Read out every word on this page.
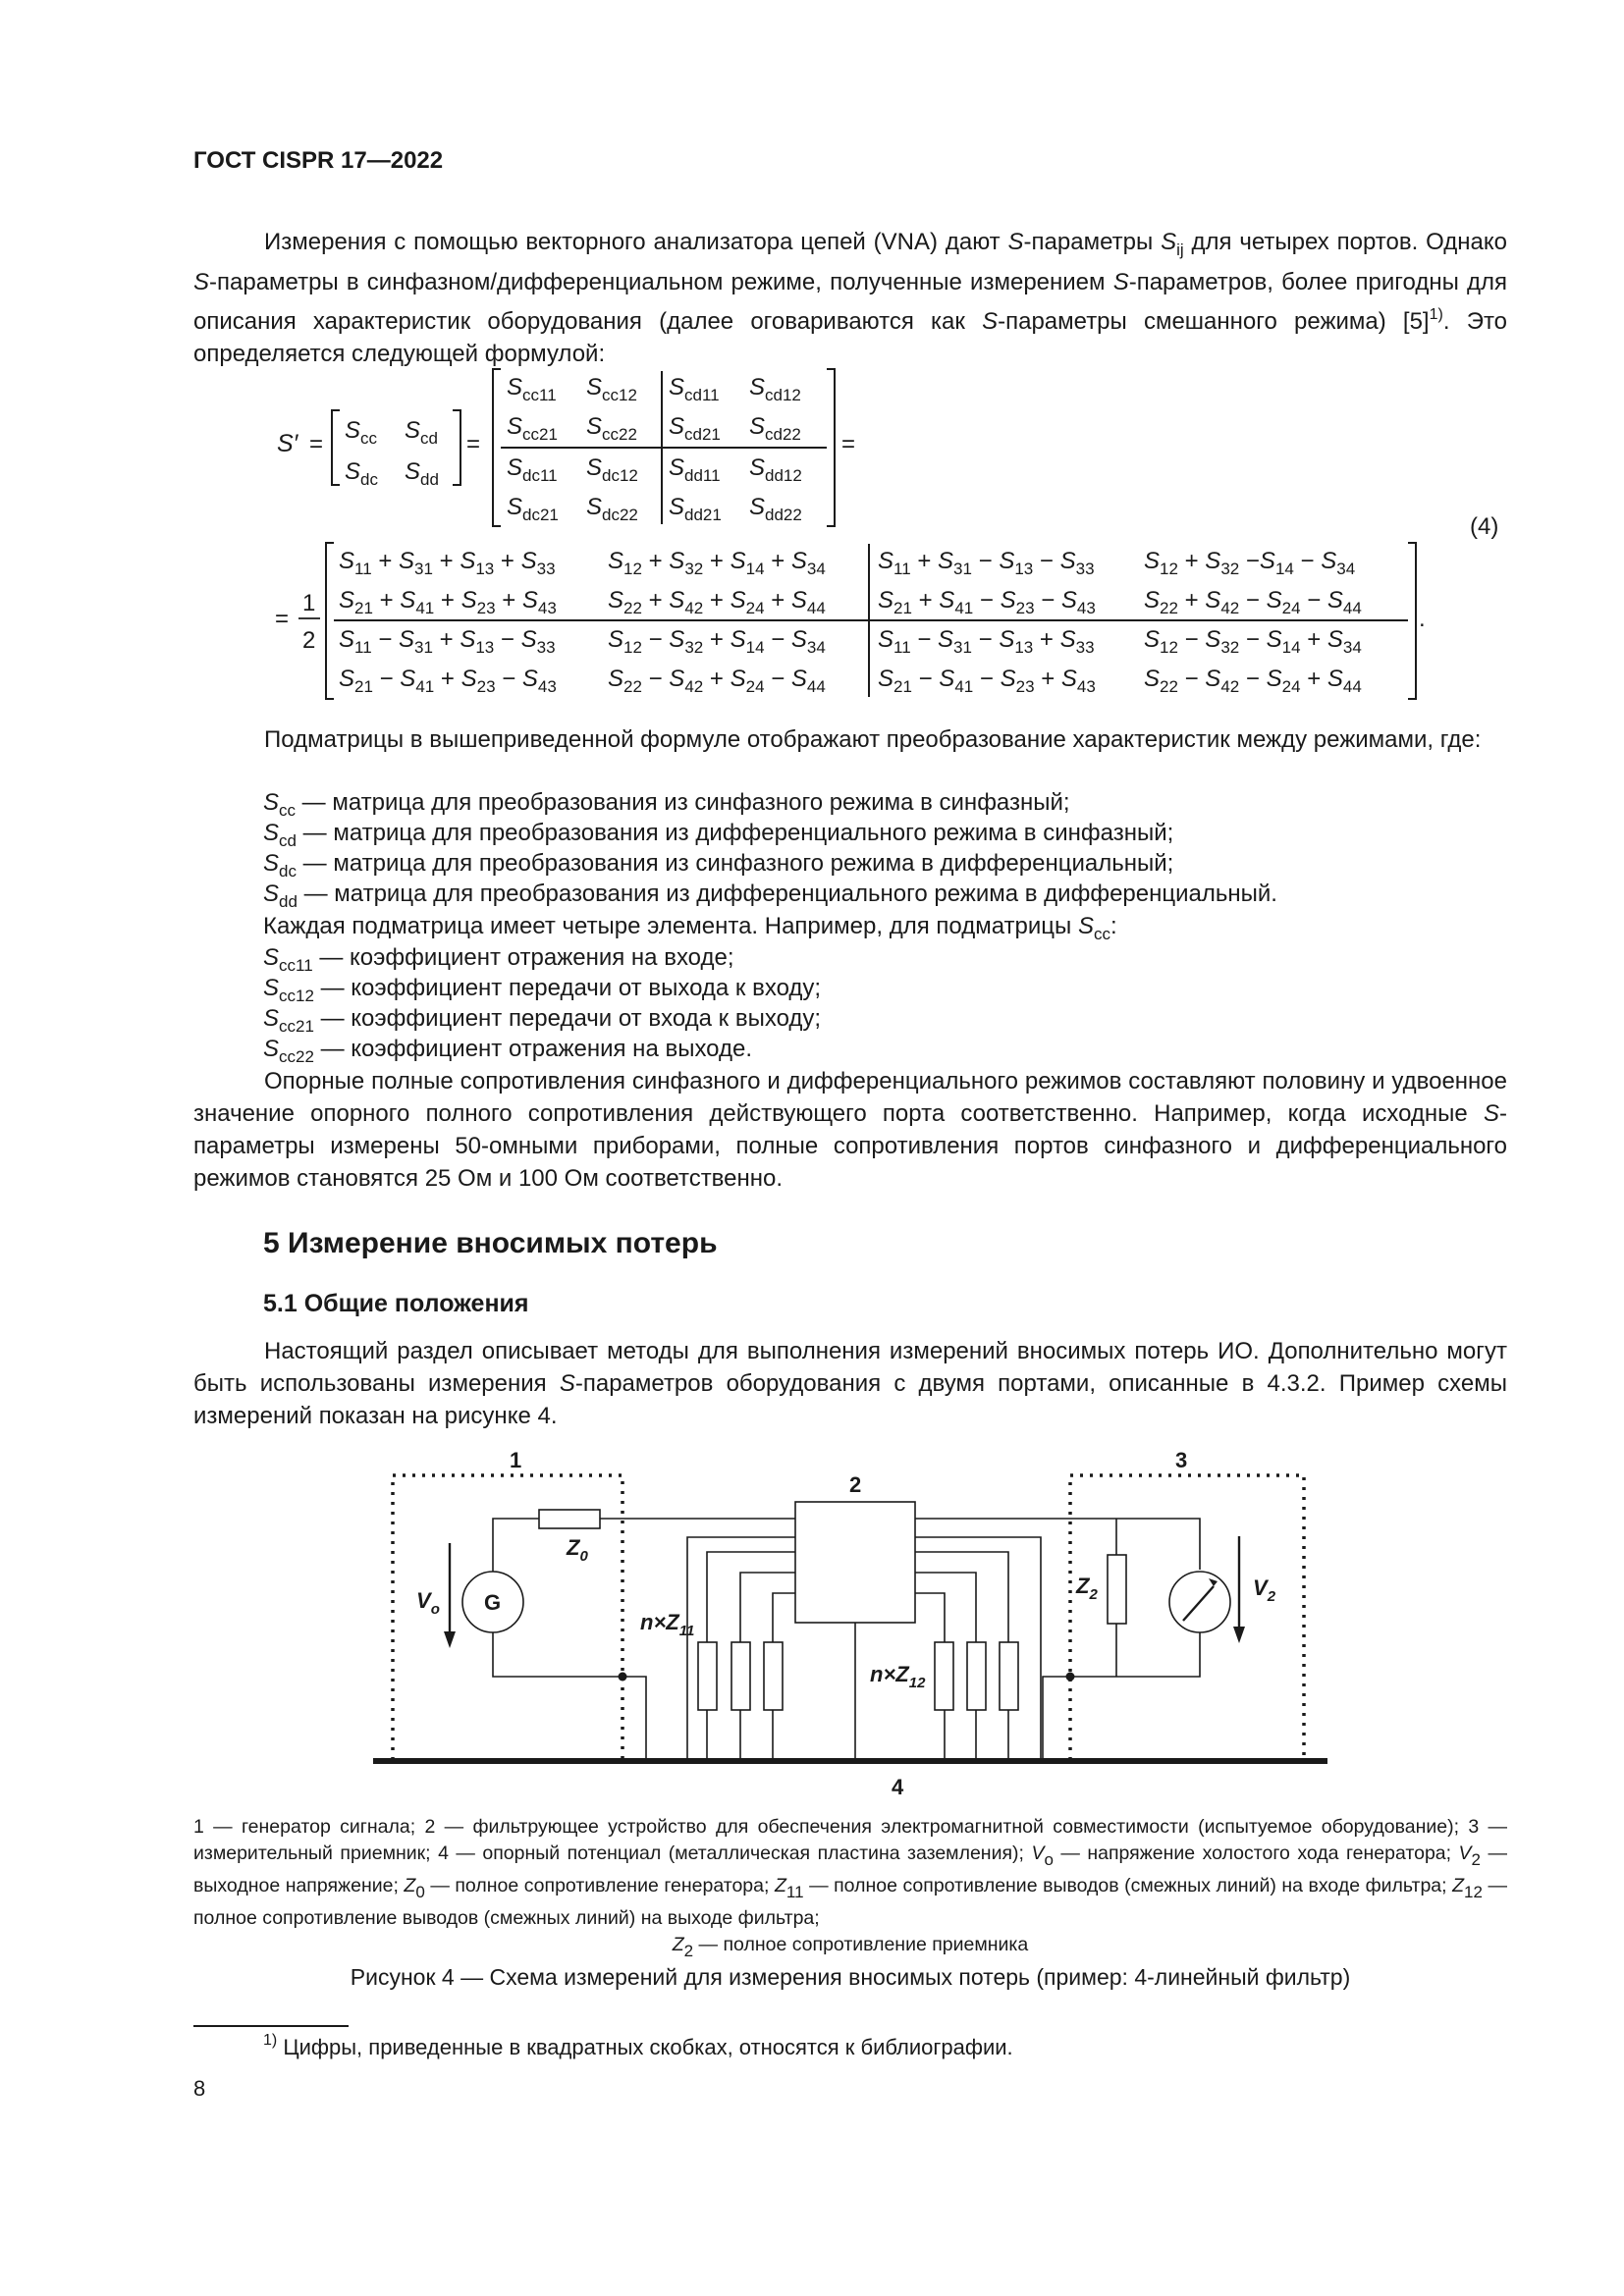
ГОСТ CISPR 17—2022

Измерения с помощью векторного анализатора цепей (VNA) дают S-параметры $S_{ij}$ для четырех портов. Однако S-параметры в синфазном/дифференциальном режиме, полученные измерением S-параметров, более пригодны для описания характеристик оборудования (далее оговариваются как S-параметры смешанного режима) $[5]^{1)}$. Это определяется следующей формулой:

S′ =
$S_{cc}$ $S_{cd}$
$S_{dc}$ $S_{dd}$
=
$S_{cc11}$ $S_{cc12}$ $S_{cd11}$ $S_{cd12}$
$S_{cc21}$ $S_{cc22}$ $S_{cd21}$ $S_{cd22}$
$S_{dc11}$ $S_{dc12}$ $S_{dd11}$ $S_{dd12}$
$S_{dc21}$ $S_{dc22}$ $S_{dd21}$ $S_{dd22}$
=
=
1
2
$S_{11} + S_{31} + S_{13} + S_{33}$ $S_{12} + S_{32} + S_{14} + S_{34}$ $S_{11} + S_{31} - S_{13} - S_{33}$ $S_{12} + S_{32} -S_{14} - S_{34}$
$S_{21} + S_{41} + S_{23} + S_{43}$ $S_{22} + S_{42} + S_{24} + S_{44}$ $S_{21} + S_{41} - S_{23} - S_{43}$ $S_{22} + S_{42} - S_{24} - S_{44}$
$S_{11} - S_{31} + S_{13} - S_{33}$ $S_{12} - S_{32} + S_{14} - S_{34}$ $S_{11} - S_{31} - S_{13} + S_{33}$ $S_{12} - S_{32} - S_{14} + S_{34}$
$S_{21} - S_{41} + S_{23} - S_{43}$ $S_{22} - S_{42} + S_{24} - S_{44}$ $S_{21} - S_{41} - S_{23} + S_{43}$ $S_{22} - S_{42} - S_{24} + S_{44}$
.
(4)

Подматрицы в вышеприведенной формуле отображают преобразование характеристик между режимами, где:

$S_{cc}$ — матрица для преобразования из синфазного режима в синфазный;

$S_{cd}$ — матрица для преобразования из дифференциального режима в синфазный;

$S_{dc}$ — матрица для преобразования из синфазного режима в дифференциальный;

$S_{dd}$ — матрица для преобразования из дифференциального режима в дифференциальный.

Каждая подматрица имеет четыре элемента. Например, для подматрицы $S_{cc}$:

$S_{cc11}$ — коэффициент отражения на входе;

$S_{cc12}$ — коэффициент передачи от выхода к входу;

$S_{cc21}$ — коэффициент передачи от входа к выходу;

$S_{cc22}$ — коэффициент отражения на выходе.

Опорные полные сопротивления синфазного и дифференциального режимов составляют половину и удвоенное значение опорного полного сопротивления действующего порта соответственно. Например, когда исходные S-параметры измерены 50-омными приборами, полные сопротивления портов синфазного и дифференциального режимов становятся 25 Ом и 100 Ом соответственно.

5 Измерение вносимых потерь
5.1 Общие положения

Настоящий раздел описывает методы для выполнения измерений вносимых потерь ИО. Дополнительно могут быть использованы измерения S-параметров оборудования с двумя портами, описанные в 4.3.2. Пример схемы измерений показан на рисунке 4.

1
2
3
4
G
$V_o$
$Z_0$
$n\times Z_{11}$
$n\times Z_{12}$
$Z_2$	$V_2$
1 — генератор сигнала; 2 — фильтрующее устройство для обеспечения электромагнитной совместимости (испытуемое оборудование); 3 — измерительный приемник; 4 — опорный потенциал (металлическая пластина заземления); Vo — напряжение холостого хода генератора; V2 — выходное напряжение; Z0 — полное сопротивление генератора; Z11 — полное сопротивление выводов (смежных линий) на входе фильтра; Z12 — полное сопротивление выводов (смежных линий) на выходе фильтра;
Z2 — полное сопротивление приемника
Рисунок 4 — Схема измерений для измерения вносимых потерь (пример: 4-линейный фильтр)
$^{1)}$ Цифры, приведенные в квадратных скобках, относятся к библиографии.
8
